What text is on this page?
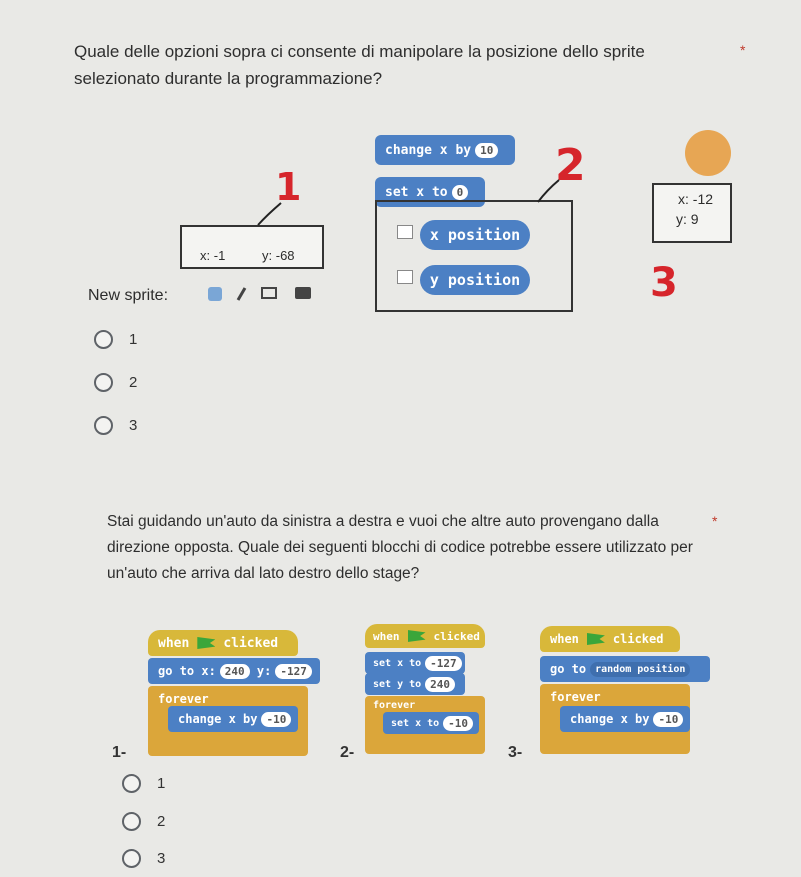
Quale delle opzioni sopra ci consente di manipolare la posizione dello sprite selezionato durante la programmazione?
*
x: -1	y: -68
New sprite:
1
change x by 10
set x to 0
x position
y position
2
x: -12
y: 9
3
1
2
3
Stai guidando un'auto da sinistra a destra e vuoi che altre auto provengano dalla direzione opposta. Quale dei seguenti blocchi di codice potrebbe essere utilizzato per un'auto che arriva dal lato destro dello stage?
*
when	clicked
go to x: 240
	y: -127
forever
change x by -10
1-
when	clicked
set x to -127
set y to 240
forever
set x to -10
2-
when	clicked
go to random position
forever
change x by -10
3-
1
2
3
